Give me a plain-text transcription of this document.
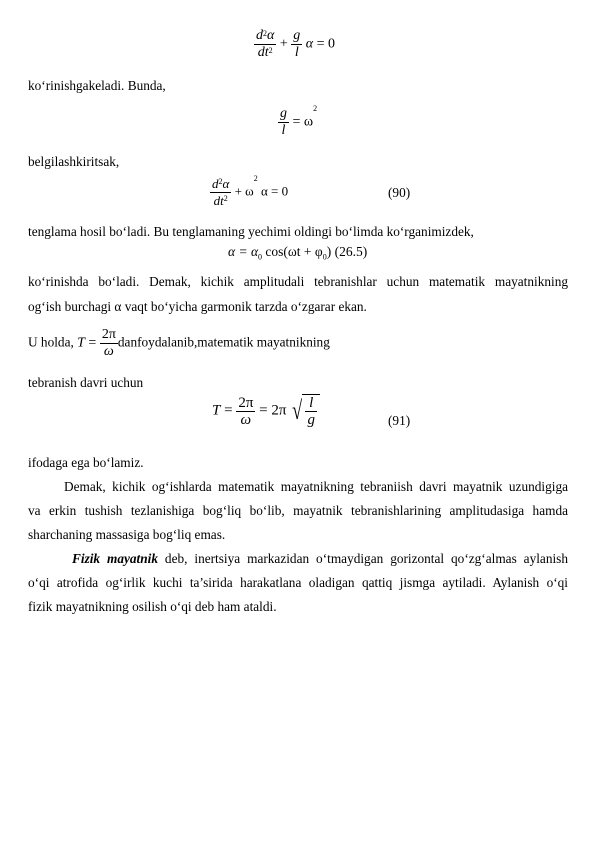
$\frac{d^2\alpha}{dt^2} + \frac{g}{l}$ α = 0
ko‘rinishgakeladi. Bunda,
$\frac{g}{l} = \omega^2$
belgilashkiritsak,
$\frac{d^2\alpha}{dt^2} + \omega^2$ α = 0	(90)
tenglama hosil bo‘ladi. Bu tenglamaning yechimi oldingi bo‘limda ko‘rganimizdek,
$\alpha = \alpha_0$ $\cos(\omega t + \varphi_0)$ (26.5)
ko‘rinishda bo‘ladi. Demak, kichik amplitudali tebranishlar uchun matematik mayatnikning
og‘ish burchagi α vaqt bo‘yicha garmonik tarzda o‘zgarar ekan.
U holda, $T = \frac{2\pi}{\omega}$ danfoydalanib,matematik mayatnikning
tebranish davri uchun
$T = \frac{2\pi}{\omega} = 2\pi$ √ $\frac{l}{g}$	(91)
ifodaga ega bo‘lamiz.
Demak, kichik og‘ishlarda matematik mayatnikning tebraniish davri mayatnik uzundigiga
va erkin tushish tezlanishiga bog‘liq bo‘lib, mayatnik tebranishlarining amplitudasiga hamda
sharchaning massasiga bog‘liq emas.
Fizik mayatnik deb, inertsiya markazidan o‘tmaydigan gorizontal qo‘zg‘almas aylanish
o‘qi atrofida og‘irlik kuchi ta’sirida harakatlana oladigan qattiq jismga aytiladi. Aylanish o‘qi
fizik mayatnikning osilish o‘qi deb ham ataldi.
